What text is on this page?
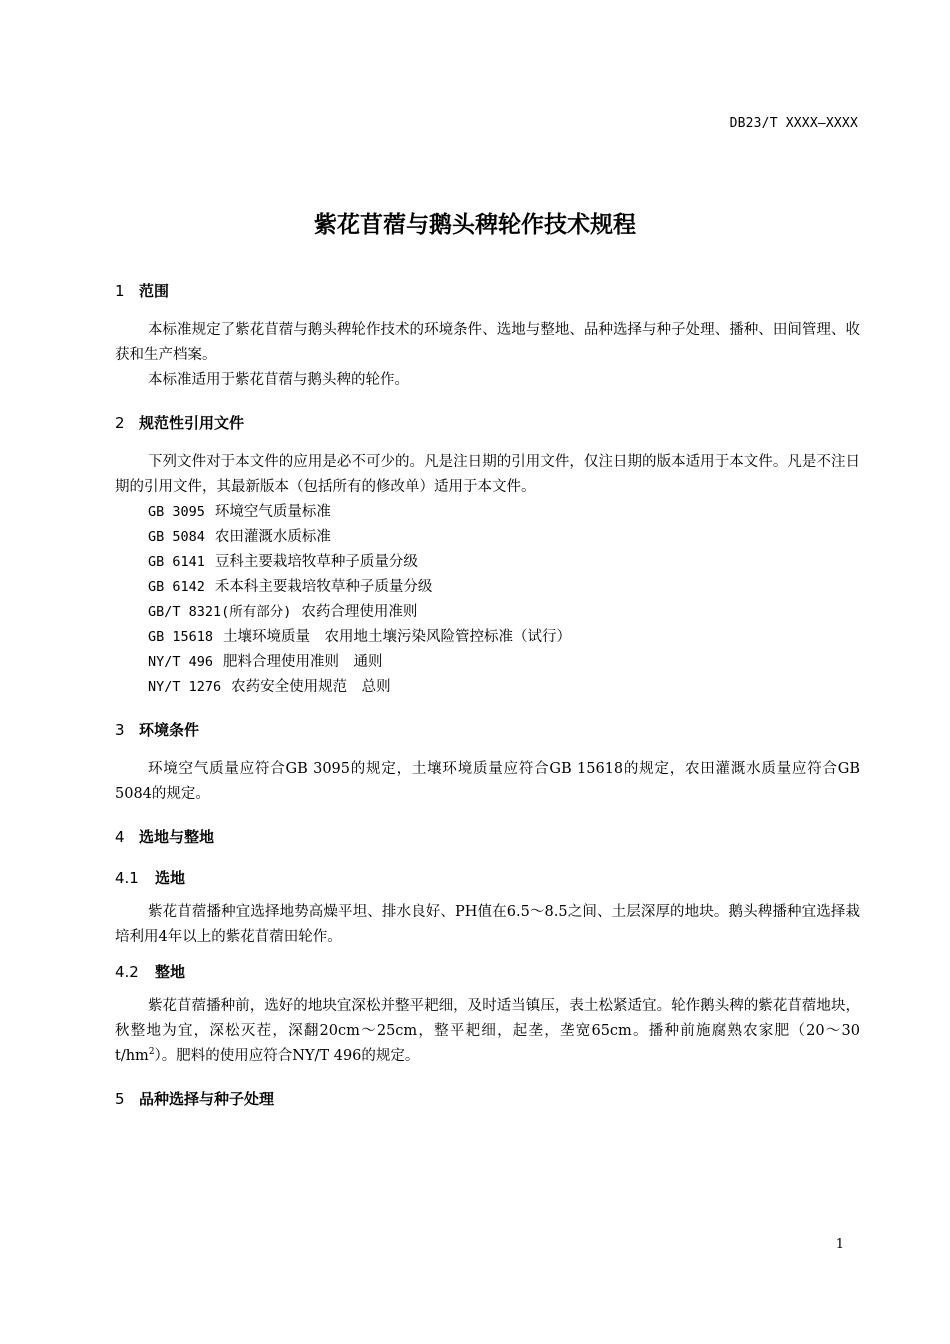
DB23/T XXXX—XXXX
紫花苜蓿与鹅头稗轮作技术规程
1 范围
本标准规定了紫花苜蓿与鹅头稗轮作技术的环境条件、选地与整地、品种选择与种子处理、播种、田间管理、收获和生产档案。
本标准适用于紫花苜蓿与鹅头稗的轮作。
2 规范性引用文件
下列文件对于本文件的应用是必不可少的。凡是注日期的引用文件，仅注日期的版本适用于本文件。凡是不注日期的引用文件，其最新版本（包括所有的修改单）适用于本文件。
GB 3095 环境空气质量标准
GB 5084 农田灌溉水质标准
GB 6141 豆科主要栽培牧草种子质量分级
GB 6142 禾本科主要栽培牧草种子质量分级
GB/T 8321(所有部分) 农药合理使用准则
GB 15618 土壤环境质量　农用地土壤污染风险管控标准（试行）
NY/T 496 肥料合理使用准则　通则
NY/T 1276 农药安全使用规范　总则
3 环境条件
环境空气质量应符合GB 3095的规定，土壤环境质量应符合GB 15618的规定，农田灌溉水质量应符合GB 5084的规定。
4 选地与整地
4.1 选地
紫花苜蓿播种宜选择地势高燥平坦、排水良好、PH值在6.5～8.5之间、土层深厚的地块。鹅头稗播种宜选择栽培利用4年以上的紫花苜蓿田轮作。
4.2 整地
紫花苜蓿播种前，选好的地块宜深松并整平耙细，及时适当镇压，表土松紧适宜。轮作鹅头稗的紫花苜蓿地块，秋整地为宜，深松灭茬，深翻20cm～25cm，整平耙细，起垄，垄宽65cm。播种前施腐熟农家肥（20～30 $t/hm^2$）。肥料的使用应符合NY/T 496的规定。
5 品种选择与种子处理
1
